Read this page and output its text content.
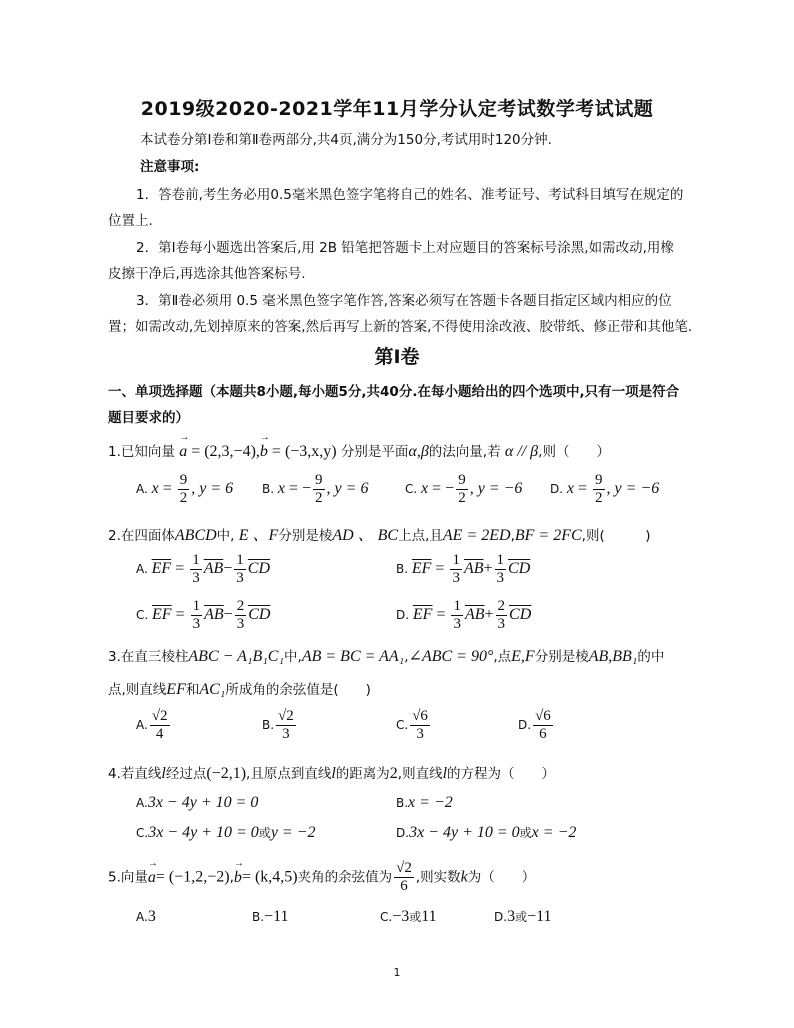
2019级2020-2021学年11月学分认定考试数学考试试题
本试卷分第Ⅰ卷和第Ⅱ卷两部分,共4页,满分为150分,考试用时120分钟.
注意事项:
1．答卷前,考生务必用0.5毫米黑色签字笔将自己的姓名、准考证号、考试科目填写在规定的
位置上.
2．第Ⅰ卷每小题选出答案后,用 2B 铅笔把答题卡上对应题目的答案标号涂黑,如需改动,用橡
皮擦干净后,再选涂其他答案标号.
3．第Ⅱ卷必须用 0.5 毫米黑色签字笔作答,答案必须写在答题卡各题目指定区域内相应的位
置；如需改动,先划掉原来的答案,然后再写上新的答案,不得使用涂改液、胶带纸、修正带和其他笔.
第Ⅰ卷
一、单项选择题（本题共8小题,每小题5分,共40分.在每小题给出的四个选项中,只有一项是符合
题目要求的）
1.已知向量 → a = (2,3,−4),→ b = (−3,x,y) 分别是平面α,β的法向量,若 α // β,则（　　）
A. $x = \frac{9}{2}$ , y = 6 B. x = − $\frac{9}{2}$ , y = 6	C. x = − $\frac{9}{2}$ , y = −6 D. $x = \frac{9}{2}$ , y = −6
2.在四面体ABCD中, E 、F分别是棱AD 、 BC上点,且AE = 2ED,BF = 2FC,则(　　　)
A. $\overline{EF} = \frac{1}{3} \overline{AB}- \frac{1}{3} \overline{CD}$	B. $\overline{EF} = \frac{1}{3} \overline{AB}+ \frac{1}{3} \overline{CD}$
C. $\overline{EF} = \frac{1}{3} \overline{AB}- \frac{2}{3} \overline{CD}$	D. $\overline{EF} = \frac{1}{3} \overline{AB}+ \frac{2}{3} \overline{CD}$
3.在直三棱柱ABC − A₁B₁C₁中,AB = BC = AA₁,∠ABC = 90°,点E,F分别是棱AB,BB₁的中
点,则直线EF和AC₁所成角的余弦值是(　　)
A. $\frac{√2}{4}$	B. $\frac{√2}{3}$	C. $\frac{√6}{3}$	D. $\frac{√6}{6}$
4.若直线l经过点(−2,1),且原点到直线l的距离为2,则直线l的方程为（　　）
A.3x − 4y + 10 = 0	B.x = −2
C.3x − 4y + 10 = 0或y = −2	D.3x − 4y + 10 = 0或x = −2
5.向量→ a= (−1,2,−2),→ b= (k,4,5)夹角的余弦值为 $\frac{√2}{6}$ ,则实数k为（　　）
A.3	B.−11	C.−3或11	D.3或−11
1
